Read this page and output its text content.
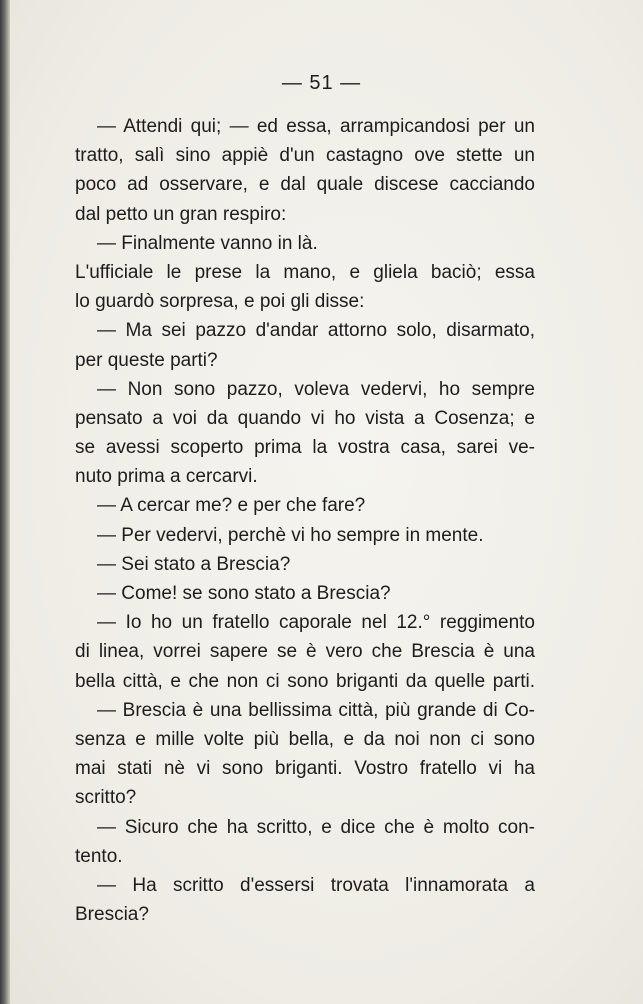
— 51 —
— Attendi qui; — ed essa, arrampicandosi per un
tratto, salì sino appiè d'un castagno ove stette un
poco ad osservare, e dal quale discese cacciando
dal petto un gran respiro:
— Finalmente vanno in là.
L'ufficiale le prese la mano, e gliela baciò; essa
lo guardò sorpresa, e poi gli disse:
— Ma sei pazzo d'andar attorno solo, disarmato,
per queste parti?
— Non sono pazzo, voleva vedervi, ho sempre
pensato a voi da quando vi ho vista a Cosenza; e
se avessi scoperto prima la vostra casa, sarei ve-
nuto prima a cercarvi.
— A cercar me? e per che fare?
— Per vedervi, perchè vi ho sempre in mente.
— Sei stato a Brescia?
— Come! se sono stato a Brescia?
— Io ho un fratello caporale nel 12.° reggimento
di linea, vorrei sapere se è vero che Brescia è una
bella città, e che non ci sono briganti da quelle parti.
— Brescia è una bellissima città, più grande di Co-
senza e mille volte più bella, e da noi non ci sono
mai stati nè vi sono briganti. Vostro fratello vi ha
scritto?
— Sicuro che ha scritto, e dice che è molto con-
tento.
— Ha scritto d'essersi trovata l'innamorata a
Brescia?
